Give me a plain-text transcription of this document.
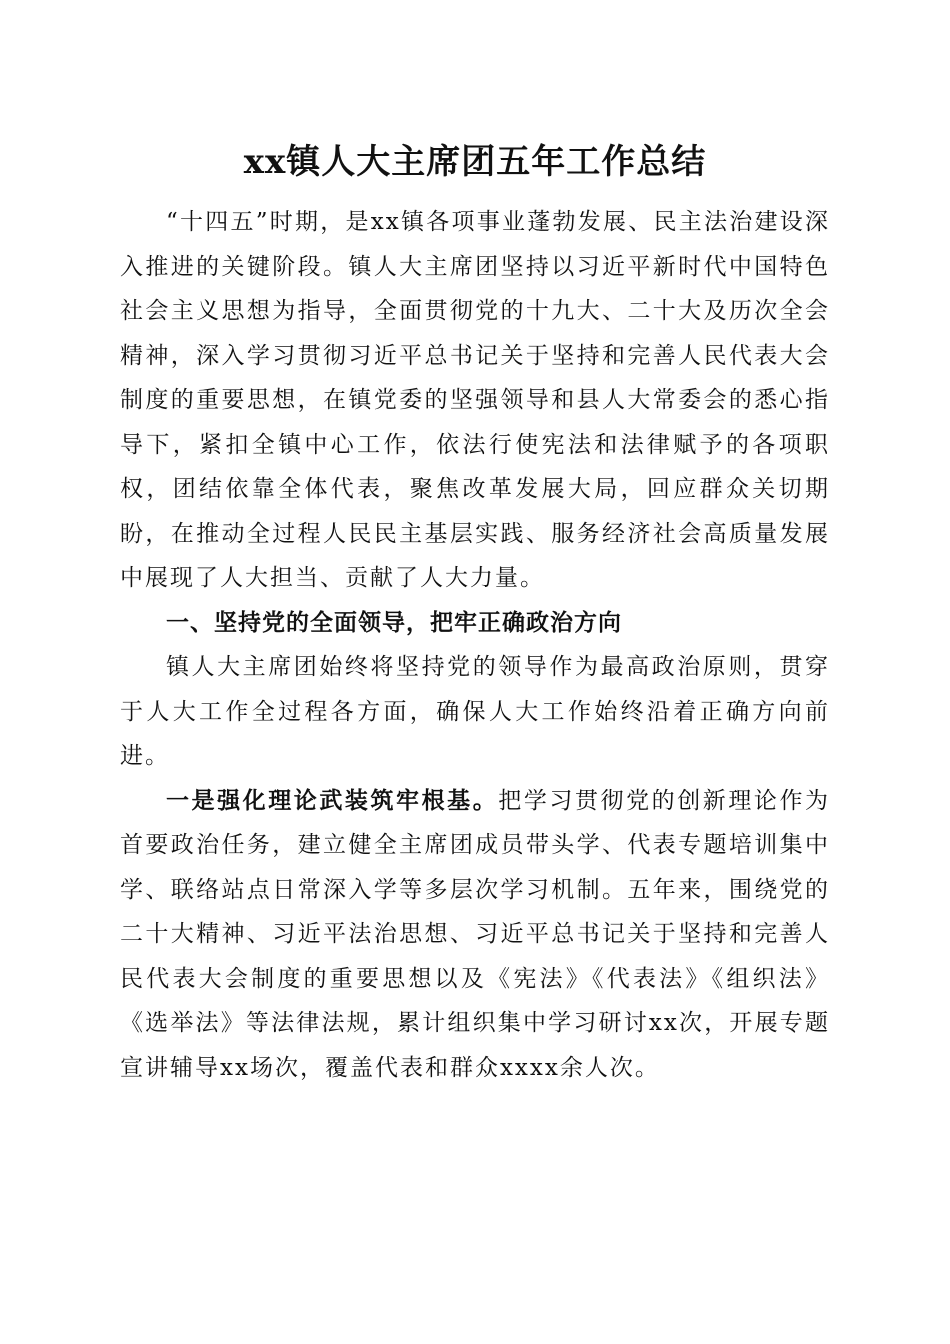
xx镇人大主席团五年工作总结

“十四五”时期，是xx镇各项事业蓬勃发展、民主法治建设深入推进的关键阶段。镇人大主席团坚持以习近平新时代中国特色社会主义思想为指导，全面贯彻党的十九大、二十大及历次全会精神，深入学习贯彻习近平总书记关于坚持和完善人民代表大会制度的重要思想，在镇党委的坚强领导和县人大常委会的悉心指导下，紧扣全镇中心工作，依法行使宪法和法律赋予的各项职权，团结依靠全体代表，聚焦改革发展大局，回应群众关切期盼，在推动全过程人民民主基层实践、服务经济社会高质量发展中展现了人大担当、贡献了人大力量。

一、坚持党的全面领导，把牢正确政治方向

镇人大主席团始终将坚持党的领导作为最高政治原则，贯穿于人大工作全过程各方面，确保人大工作始终沿着正确方向前进。

一是强化理论武装筑牢根基。把学习贯彻党的创新理论作为首要政治任务，建立健全主席团成员带头学、代表专题培训集中学、联络站点日常深入学等多层次学习机制。五年来，围绕党的二十大精神、习近平法治思想、习近平总书记关于坚持和完善人民代表大会制度的重要思想以及《宪法》《代表法》《组织法》《选举法》等法律法规，累计组织集中学习研讨xx次，开展专题宣讲辅导xx场次，覆盖代表和群众xxxx余人次。
